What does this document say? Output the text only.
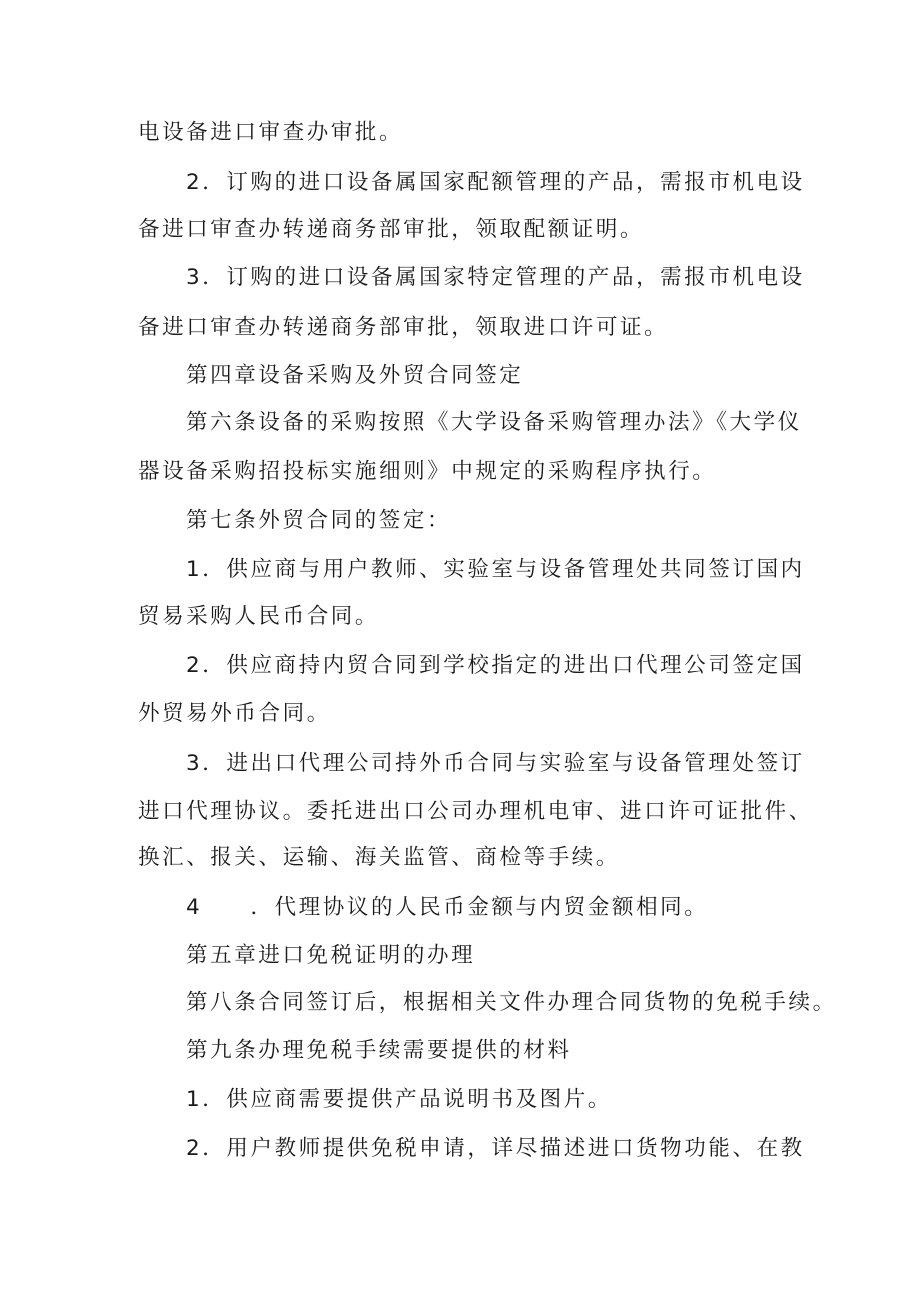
电设备进口审查办审批。
2．订购的进口设备属国家配额管理的产品，需报市机电设
备进口审查办转递商务部审批，领取配额证明。
3．订购的进口设备属国家特定管理的产品，需报市机电设
备进口审查办转递商务部审批，领取进口许可证。
第四章设备采购及外贸合同签定
第六条设备的采购按照《大学设备采购管理办法》《大学仪
器设备采购招投标实施细则》中规定的采购程序执行。
第七条外贸合同的签定：
1．供应商与用户教师、实验室与设备管理处共同签订国内
贸易采购人民币合同。
2．供应商持内贸合同到学校指定的进出口代理公司签定国
外贸易外币合同。
3．进出口代理公司持外币合同与实验室与设备管理处签订
进口代理协议。委托进出口公司办理机电审、进口许可证批件、
换汇、报关、运输、海关监管、商检等手续。
4　　．代理协议的人民币金额与内贸金额相同。
第五章进口免税证明的办理
第八条合同签订后，根据相关文件办理合同货物的免税手续。
第九条办理免税手续需要提供的材料
1．供应商需要提供产品说明书及图片。
2．用户教师提供免税申请，详尽描述进口货物功能、在教
